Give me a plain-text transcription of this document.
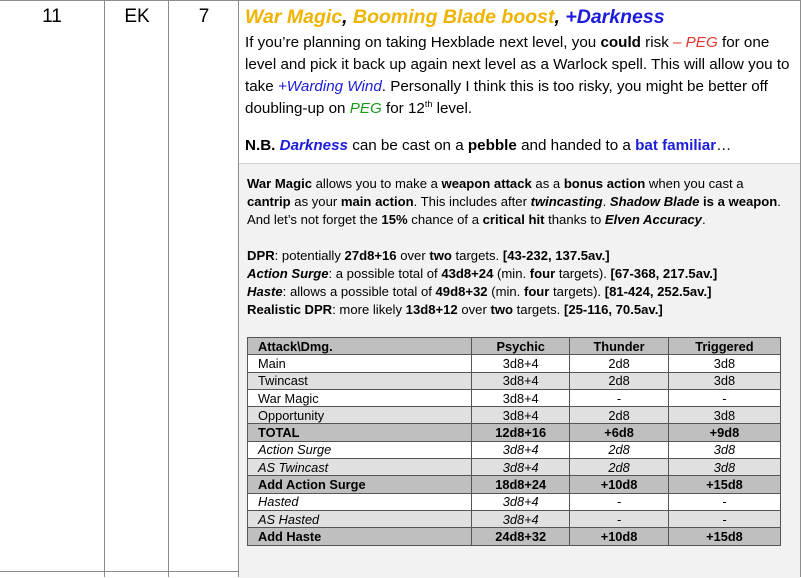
11	EK	7	War Magic, Booming Blade boost, +Darkness
If you’re planning on taking Hexblade next level, you could risk – PEG for one level and pick it back up again next level as a Warlock spell. This will allow you to take +Warding Wind. Personally I think this is too risky, you might be better off doubling-up on PEG for 12th level.
N.B. Darkness can be cast on a pebble and handed to a bat familiar…
War Magic allows you to make a weapon attack as a bonus action when you cast a cantrip as your main action. This includes after twincasting. Shadow Blade is a weapon. And let’s not forget the 15% chance of a critical hit thanks to Elven Accuracy.
DPR: potentially 27d8+16 over two targets. [43-232, 137.5av.]
Action Surge: a possible total of 43d8+24 (min. four targets). [67-368, 217.5av.]
Haste: allows a possible total of 49d8+32 (min. four targets). [81-424, 252.5av.]
Realistic DPR: more likely 13d8+12 over two targets. [25-116, 70.5av.]
Attack\Dmg.	Psychic	Thunder	Triggered
Main	3d8+4	2d8	3d8
Twincast	3d8+4	2d8	3d8
War Magic	3d8+4	-	-
Opportunity	3d8+4	2d8	3d8
TOTAL	12d8+16	+6d8	+9d8
Action Surge	3d8+4	2d8	3d8
AS Twincast	3d8+4	2d8	3d8
Add Action Surge	18d8+24	+10d8	+15d8
Hasted	3d8+4	-	-
AS Hasted	3d8+4	-	-
Add Haste	24d8+32	+10d8	+15d8
